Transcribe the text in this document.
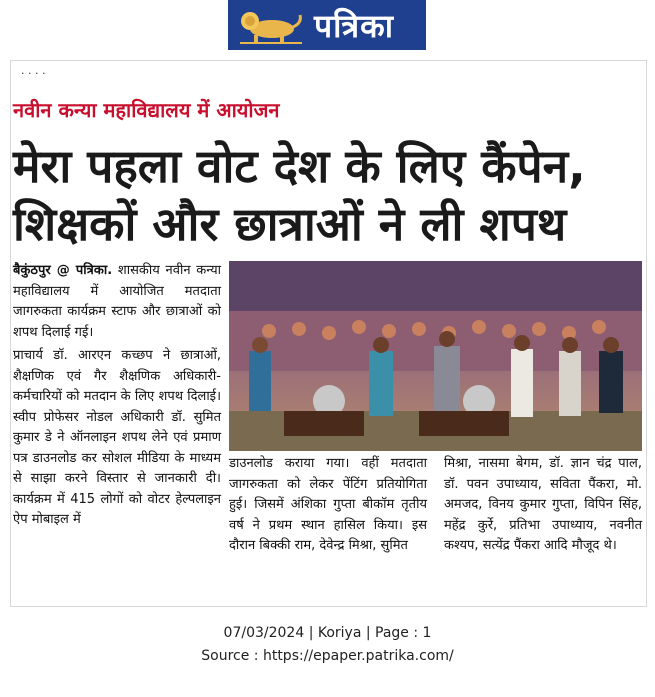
पत्रिका
· · · ·
नवीन कन्या महाविद्यालय में आयोजन
मेरा पहला वोट देश के लिए कैंपेन,
शिक्षकों और छात्राओं ने ली शपथ

बैकुंठपुर @ पत्रिका. शासकीय नवीन कन्या महाविद्यालय में आयोजित मतदाता जागरुकता कार्यक्रम स्टाफ और छात्राओं को शपथ दिलाई गई।

प्राचार्य डॉ. आरएन कच्छप ने छात्राओं, शैक्षणिक एवं गैर शैक्षणिक अधिकारी-कर्मचारियों को मतदान के लिए शपथ दिलाई। स्वीप प्रोफेसर नोडल अधिकारी डॉ. सुमित कुमार डे ने ऑनलाइन शपथ लेने एवं प्रमाण पत्र डाउनलोड कर सोशल मीडिया के माध्यम से साझा करने विस्तार से जानकारी दी। कार्यक्रम में 415 लोगों को वोटर हेल्पलाइन ऐप मोबाइल में

डाउनलोड कराया गया। वहीं मतदाता जागरुकता को लेकर पेंटिंग प्रतियोगिता हुई। जिसमें अंशिका गुप्ता बीकॉम तृतीय वर्ष ने प्रथम स्थान हासिल किया। इस दौरान बिक्की राम, देवेन्द्र मिश्रा, सुमित
मिश्रा, नासमा बेगम, डॉ. ज्ञान चंद्र पाल, डॉ. पवन उपाध्याय, सविता पैंकरा, मो. अमजद, विनय कुमार गुप्ता, विपिन सिंह, महेंद्र कुर्रे, प्रतिभा उपाध्याय, नवनीत कश्यप, सत्येंद्र पैंकरा आदि मौजूद थे।
07/03/2024 | Koriya | Page : 1
Source : https://epaper.patrika.com/
